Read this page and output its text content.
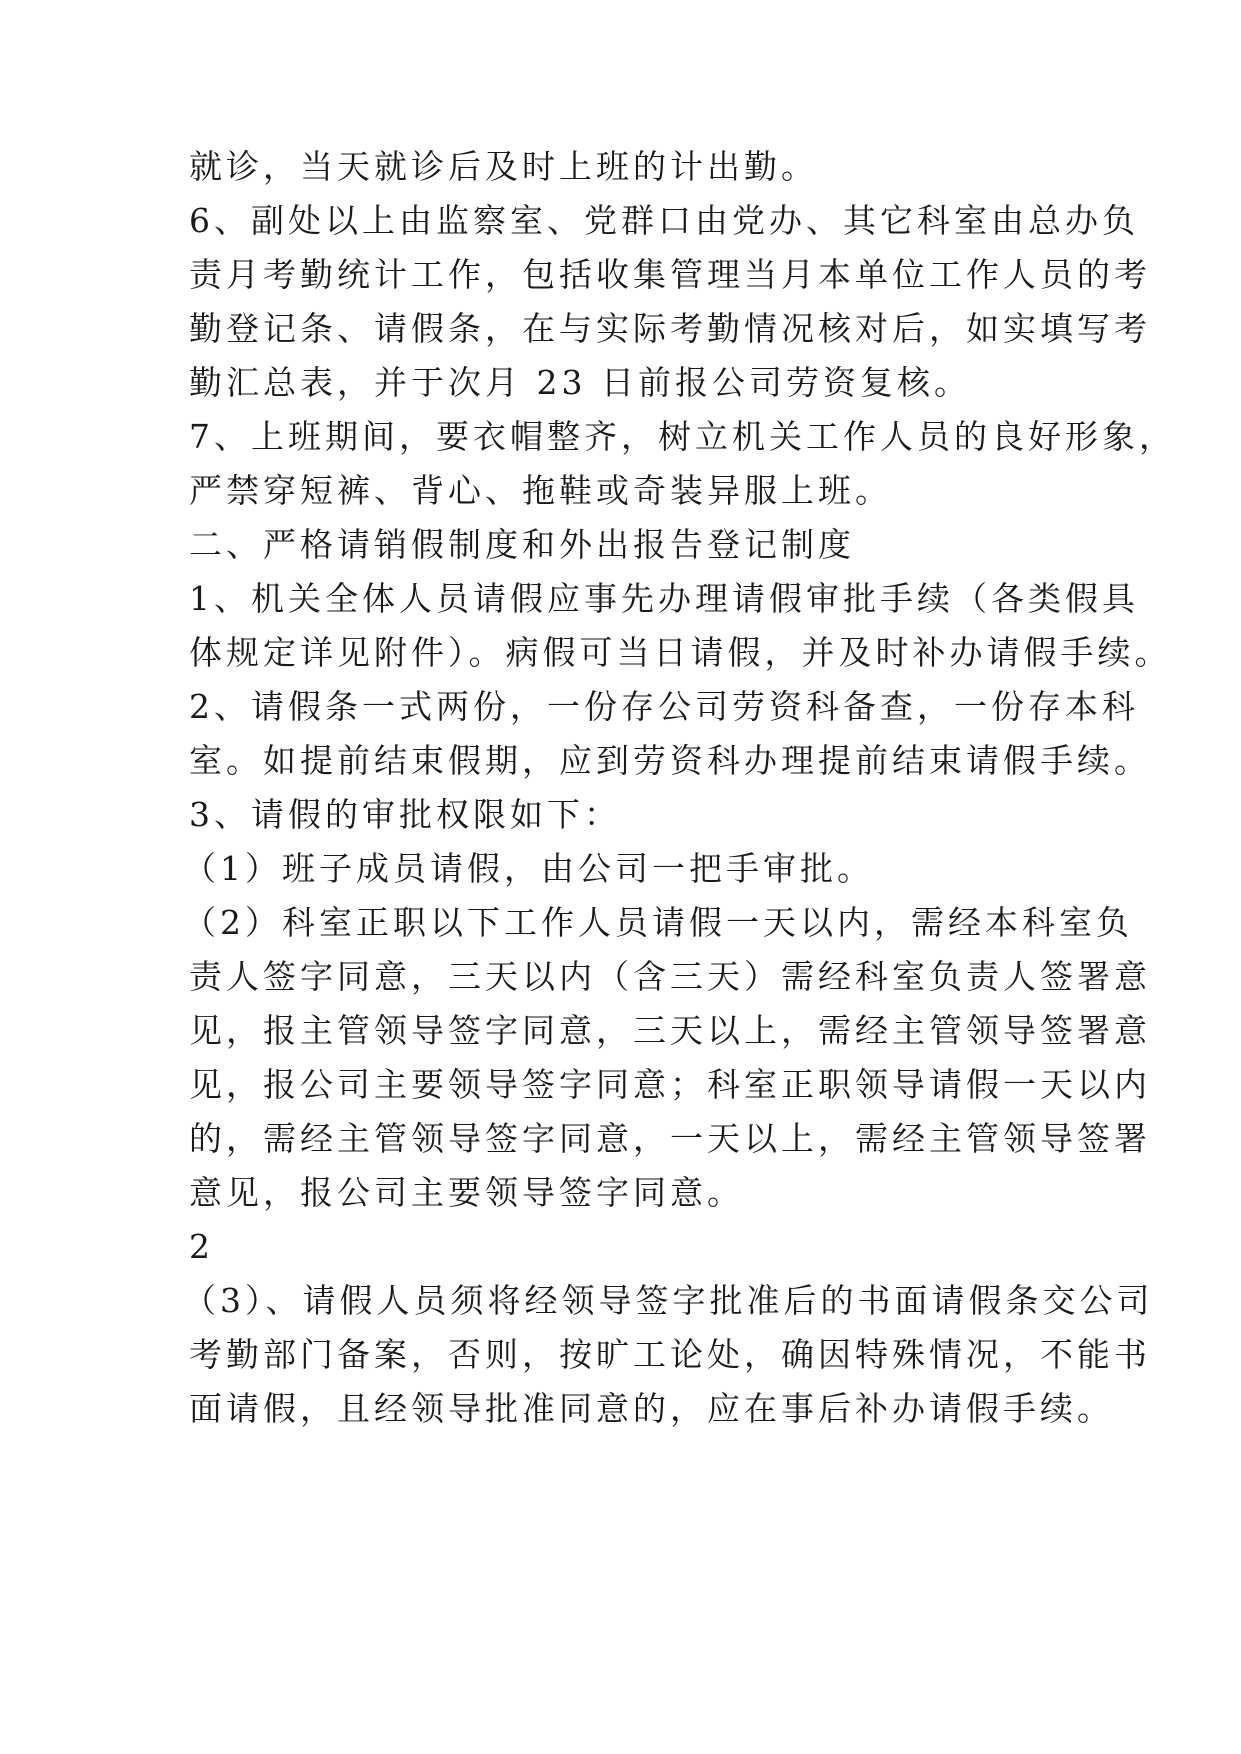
就诊，当天就诊后及时上班的计出勤。
6、副处以上由监察室、党群口由党办、其它科室由总办负
责月考勤统计工作，包括收集管理当月本单位工作人员的考
勤登记条、请假条，在与实际考勤情况核对后，如实填写考
勤汇总表，并于次月 23 日前报公司劳资复核。
7、上班期间，要衣帽整齐，树立机关工作人员的良好形象，
严禁穿短裤、背心、拖鞋或奇装异服上班。
二、严格请销假制度和外出报告登记制度
1、机关全体人员请假应事先办理请假审批手续（各类假具
体规定详见附件）。病假可当日请假，并及时补办请假手续。
2、请假条一式两份，一份存公司劳资科备查，一份存本科
室。如提前结束假期，应到劳资科办理提前结束请假手续。
3、请假的审批权限如下：
（1）班子成员请假，由公司一把手审批。
（2）科室正职以下工作人员请假一天以内，需经本科室负
责人签字同意，三天以内（含三天）需经科室负责人签署意
见，报主管领导签字同意，三天以上，需经主管领导签署意
见，报公司主要领导签字同意；科室正职领导请假一天以内
的，需经主管领导签字同意，一天以上，需经主管领导签署
意见，报公司主要领导签字同意。
2
（3）、请假人员须将经领导签字批准后的书面请假条交公司
考勤部门备案，否则，按旷工论处，确因特殊情况，不能书
面请假，且经领导批准同意的，应在事后补办请假手续。
